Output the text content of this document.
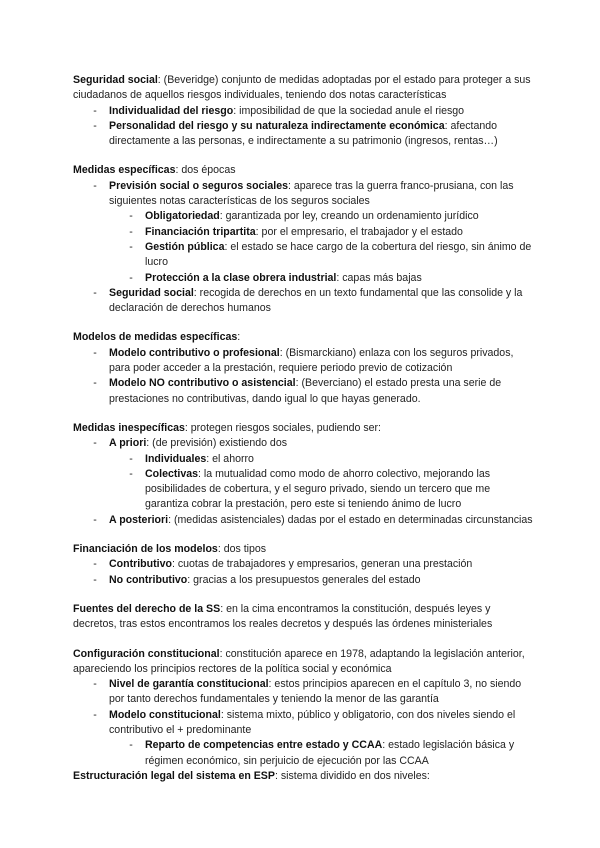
Seguridad social: (Beveridge) conjunto de medidas adoptadas por el estado para proteger a sus ciudadanos de aquellos riesgos individuales, teniendo dos notas características

-	Individualidad del riesgo: imposibilidad de que la sociedad anule el riesgo
-	Personalidad del riesgo y su naturaleza indirectamente económica: afectando directamente a las personas, e indirectamente a su patrimonio (ingresos, rentas…)

Medidas específicas: dos épocas

-	Previsión social o seguros sociales: aparece tras la guerra franco-prusiana, con las siguientes notas características de los seguros sociales
-	Obligatoriedad: garantizada por ley, creando un ordenamiento jurídico
-	Financiación tripartita: por el empresario, el trabajador y el estado
-	Gestión pública: el estado se hace cargo de la cobertura del riesgo, sin ánimo de lucro
-	Protección a la clase obrera industrial: capas más bajas
-	Seguridad social: recogida de derechos en un texto fundamental que las consolide y la declaración de derechos humanos

Modelos de medidas específicas:

-	Modelo contributivo o profesional: (Bismarckiano) enlaza con los seguros privados, para poder acceder a la prestación, requiere periodo previo de cotización
-	Modelo NO contributivo o asistencial: (Beverciano) el estado presta una serie de prestaciones no contributivas, dando igual lo que hayas generado.

Medidas inespecíficas: protegen riesgos sociales, pudiendo ser:

-	A priori: (de previsión) existiendo dos
-	Individuales: el ahorro
-	Colectivas: la mutualidad como modo de ahorro colectivo, mejorando las posibilidades de cobertura, y el seguro privado, siendo un tercero que me garantiza cobrar la prestación, pero este si teniendo ánimo de lucro
-	A posteriori: (medidas asistenciales) dadas por el estado en determinadas circunstancias

Financiación de los modelos: dos tipos

-	Contributivo: cuotas de trabajadores y empresarios, generan una prestación
-	No contributivo: gracias a los presupuestos generales del estado

Fuentes del derecho de la SS: en la cima encontramos la constitución, después leyes y decretos, tras estos encontramos los reales decretos y después las órdenes ministeriales

Configuración constitucional: constitución aparece en 1978, adaptando la legislación anterior, apareciendo los principios rectores de la política social y económica

-	Nivel de garantía constitucional: estos principios aparecen en el capítulo 3, no siendo por tanto derechos fundamentales y teniendo la menor de las garantía
-	Modelo constitucional: sistema mixto, público y obligatorio, con dos niveles siendo el contributivo el + predominante
-	Reparto de competencias entre estado y CCAA: estado legislación básica y régimen económico, sin perjuicio de ejecución por las CCAA

Estructuración legal del sistema en ESP: sistema dividido en dos niveles:
